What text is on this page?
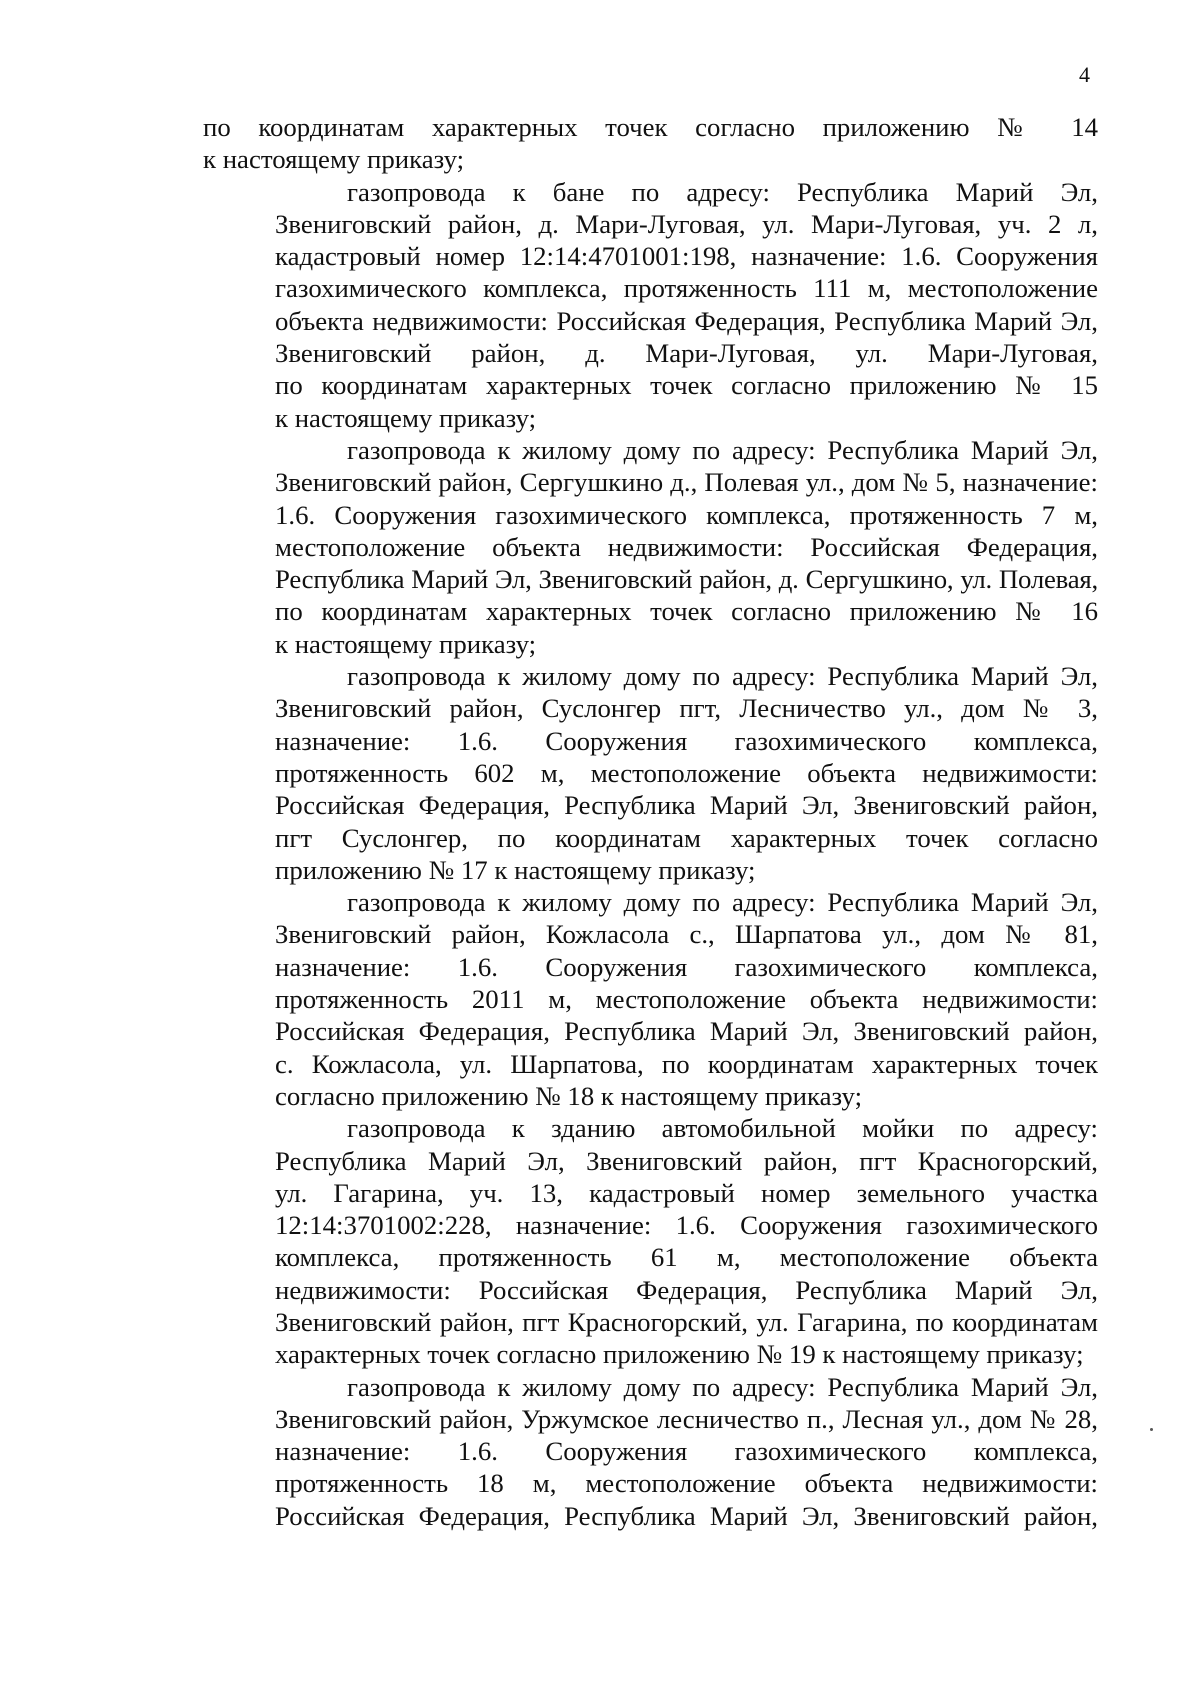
4
по координатам характерных точек согласно приложению № 14
к настоящему приказу;
газопровода к бане по адресу: Республика Марий Эл,
Звениговский район, д. Мари-Луговая, ул. Мари-Луговая, уч. 2 л,
кадастровый номер 12:14:4701001:198, назначение: 1.6. Сооружения
газохимического комплекса, протяженность 111 м, местоположение
объекта недвижимости: Российская Федерация, Республика Марий Эл,
Звениговский район, д. Мари-Луговая, ул. Мари-Луговая,
по координатам характерных точек согласно приложению № 15
к настоящему приказу;
газопровода к жилому дому по адресу: Республика Марий Эл,
Звениговский район, Сергушкино д., Полевая ул., дом № 5, назначение:
1.6. Сооружения газохимического комплекса, протяженность 7 м,
местоположение объекта недвижимости: Российская Федерация,
Республика Марий Эл, Звениговский район, д. Сергушкино, ул. Полевая,
по координатам характерных точек согласно приложению № 16
к настоящему приказу;
газопровода к жилому дому по адресу: Республика Марий Эл,
Звениговский район, Суслонгер пгт, Лесничество ул., дом № 3,
назначение: 1.6. Сооружения газохимического комплекса,
протяженность 602 м, местоположение объекта недвижимости:
Российская Федерация, Республика Марий Эл, Звениговский район,
пгт Суслонгер, по координатам характерных точек согласно
приложению № 17 к настоящему приказу;
газопровода к жилому дому по адресу: Республика Марий Эл,
Звениговский район, Кожласола с., Шарпатова ул., дом № 81,
назначение: 1.6. Сооружения газохимического комплекса,
протяженность 2011 м, местоположение объекта недвижимости:
Российская Федерация, Республика Марий Эл, Звениговский район,
с. Кожласола, ул. Шарпатова, по координатам характерных точек
согласно приложению № 18 к настоящему приказу;
газопровода к зданию автомобильной мойки по адресу:
Республика Марий Эл, Звениговский район, пгт Красногорский,
ул. Гагарина, уч. 13, кадастровый номер земельного участка
12:14:3701002:228, назначение: 1.6. Сооружения газохимического
комплекса, протяженность 61 м, местоположение объекта
недвижимости: Российская Федерация, Республика Марий Эл,
Звениговский район, пгт Красногорский, ул. Гагарина, по координатам
характерных точек согласно приложению № 19 к настоящему приказу;
газопровода к жилому дому по адресу: Республика Марий Эл,
Звениговский район, Уржумское лесничество п., Лесная ул., дом № 28,
назначение: 1.6. Сооружения газохимического комплекса,
протяженность 18 м, местоположение объекта недвижимости:
Российская Федерация, Республика Марий Эл, Звениговский район,
